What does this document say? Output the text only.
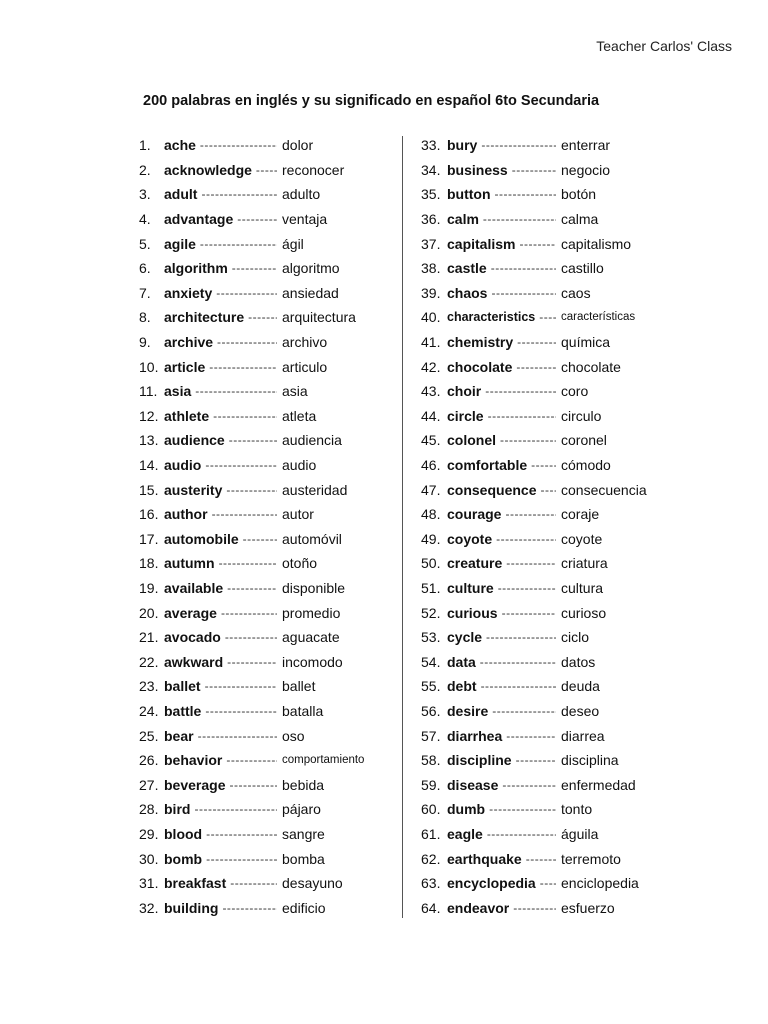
Teacher Carlos' Class
200 palabras en inglés y su significado en español 6to Secundaria
1. ache -----	dolor
2. acknowledge ----- reconocer
3. adult -----	adulto
4. advantage -----	ventaja
5. agile -----	ágil
6. algorithm -----	algoritmo
7. anxiety -----	ansiedad
8. architecture -----	arquitectura
9. archive -----	archivo
10. article -----	articulo
11. asia -----	asia
12. athlete -----	atleta
13. audience -----	audiencia
14. audio -----	audio
15. austerity -----	austeridad
16. author -----	autor
17. automobile -----	automóvil
18. autumn -----	otoño
19. available -----	disponible
20. average -----	promedio
21. avocado -----	aguacate
22. awkward -----	incomodo
23. ballet -----	ballet
24. battle -----	batalla
25. bear -----	oso
26. behavior -----	comportamiento
27. beverage -----	bebida
28. bird -----	pájaro
29. blood -----	sangre
30. bomb -----	bomba
31. breakfast -----	desayuno
32. building -----	edificio
33. bury -----	enterrar
34. business -----	negocio
35. button -----	botón
36. calm -----	calma
37. capitalism -----	capitalismo
38. castle -----	castillo
39. chaos -----	caos
40. characteristics ----- características
41. chemistry -----	química
42. chocolate -----	chocolate
43. choir -----	coro
44. circle -----	circulo
45. colonel -----	coronel
46. comfortable ----- cómodo
47. consequence ----- consecuencia
48. courage -----	coraje
49. coyote -----	coyote
50. creature -----	criatura
51. culture -----	cultura
52. curious -----	curioso
53. cycle -----	ciclo
54. data -----	datos
55. debt -----	deuda
56. desire -----	deseo
57. diarrhea -----	diarrea
58. discipline -----	disciplina
59. disease -----	enfermedad
60. dumb -----	tonto
61. eagle -----	águila
62. earthquake -----	terremoto
63. encyclopedia ----- enciclopedia
64. endeavor -----	esfuerzo
